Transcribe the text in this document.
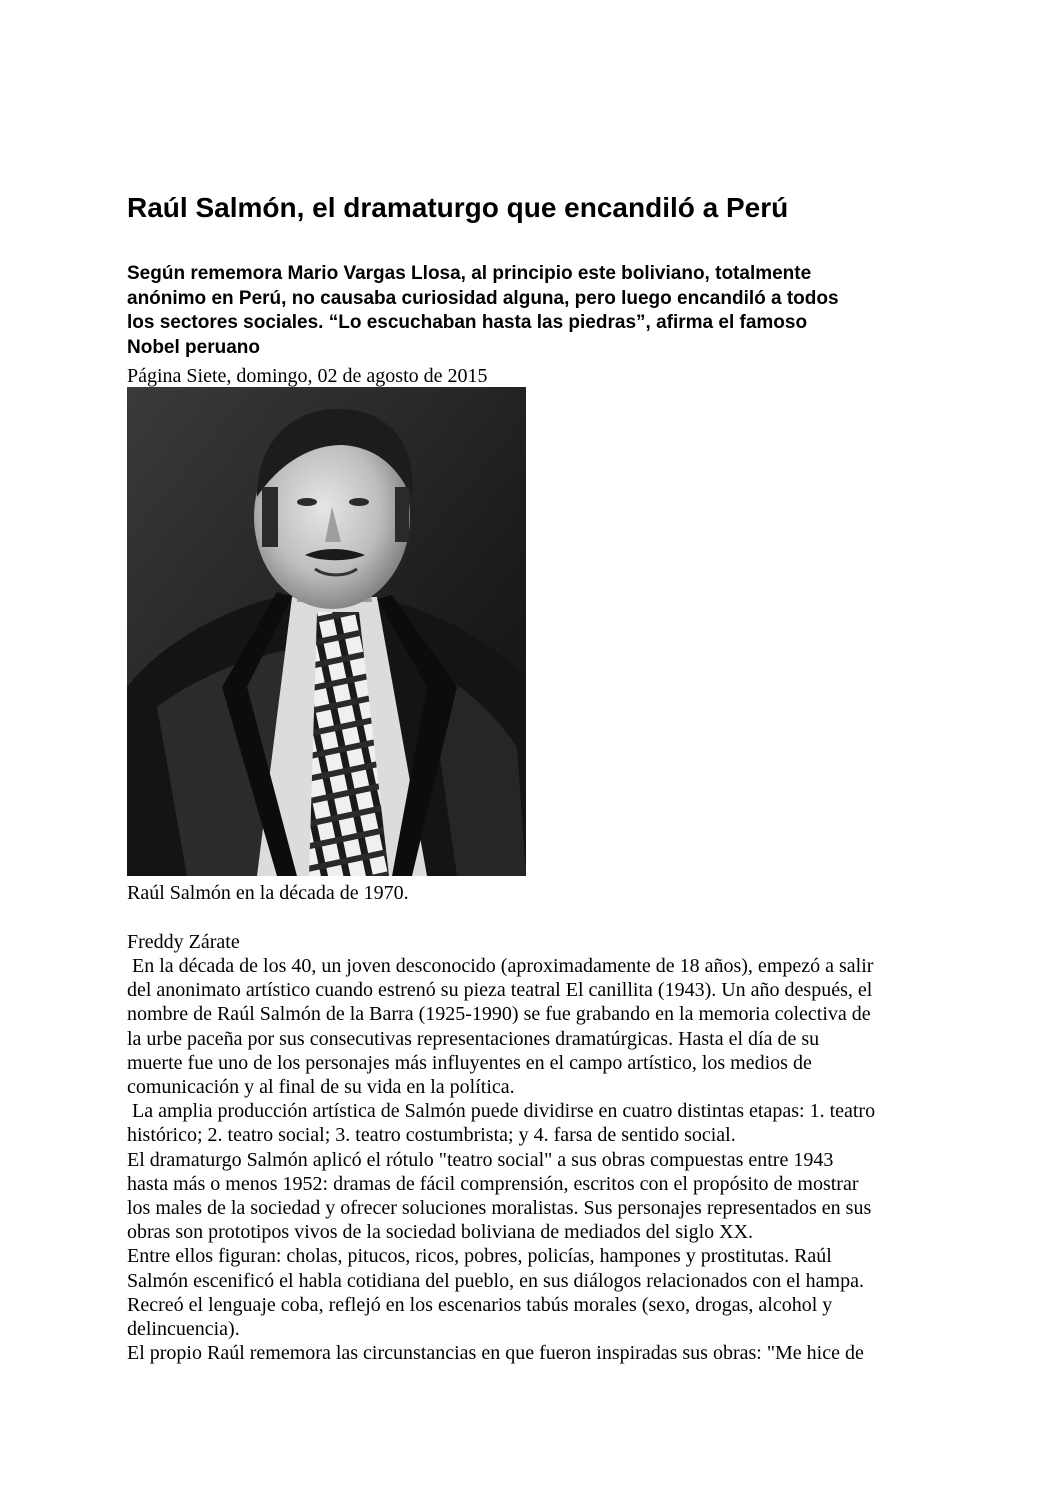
Raúl Salmón, el dramaturgo que encandiló a Perú
Según rememora Mario Vargas Llosa, al principio este boliviano, totalmente
anónimo en Perú, no causaba curiosidad alguna, pero luego encandiló a todos
los sectores sociales. “Lo escuchaban hasta las piedras”, afirma el famoso
Nobel peruano

Página Siete, domingo, 02 de agosto de 2015

Raúl Salmón en la década de 1970.

Freddy Zárate

En la década de los 40, un joven desconocido (aproximadamente de 18 años), empezó a salir
del anonimato artístico cuando estrenó su pieza teatral El canillita (1943). Un año después, el
nombre de Raúl Salmón de la Barra (1925-1990) se fue grabando en la memoria colectiva de
la urbe paceña por sus consecutivas representaciones dramatúrgicas. Hasta el día de su
muerte fue uno de los personajes más influyentes en el campo artístico, los medios de
comunicación y al final de su vida en la política.
La amplia producción artística de Salmón puede dividirse en cuatro distintas etapas: 1. teatro
histórico; 2. teatro social; 3. teatro costumbrista; y 4. farsa de sentido social.
El dramaturgo Salmón aplicó el rótulo "teatro social" a sus obras compuestas entre 1943
hasta más o menos 1952: dramas de fácil comprensión, escritos con el propósito de mostrar
los males de la sociedad y ofrecer soluciones moralistas. Sus personajes representados en sus
obras son prototipos vivos de la sociedad boliviana de mediados del siglo XX.
Entre ellos figuran: cholas, pitucos, ricos, pobres, policías, hampones y prostitutas. Raúl
Salmón escenificó el habla cotidiana del pueblo, en sus diálogos relacionados con el hampa.
Recreó el lenguaje coba, reflejó en los escenarios tabús morales (sexo, drogas, alcohol y
delincuencia).
El propio Raúl rememora las circunstancias en que fueron inspiradas sus obras: "Me hice de
